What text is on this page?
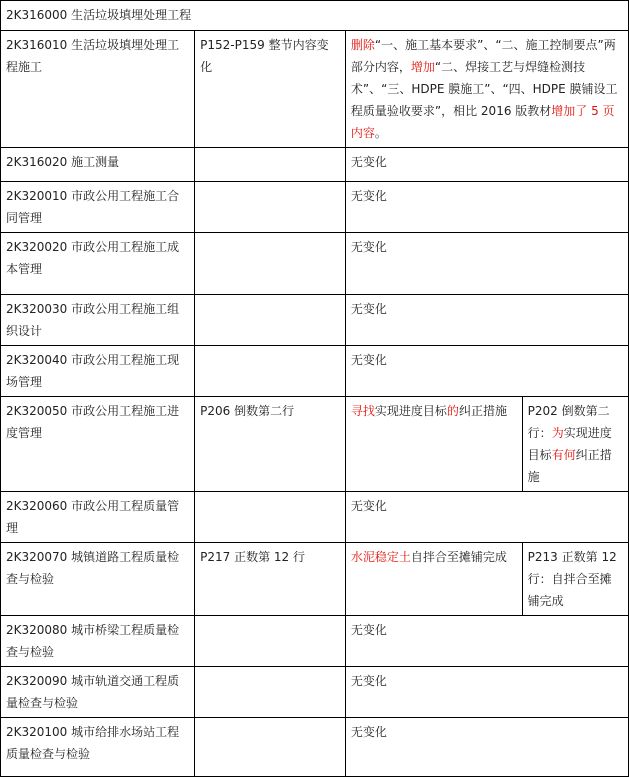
2K316000 生活垃圾填埋处理工程			
2K316010 生活垃圾填埋处理工程施工	P152-P159 整节内容变化	删除“一、施工基本要求”、“二、施工控制要点”两部分内容，增加“二、焊接工艺与焊缝检测技术”、“三、HDPE 膜施工”、“四、HDPE 膜铺设工程质量验收要求”，相比 2016 版教材增加了 5 页内容。	
2K316020 施工测量		无变化	
2K320010 市政公用工程施工合同管理		无变化	
2K320020 市政公用工程施工成本管理		无变化	
2K320030 市政公用工程施工组织设计		无变化	
2K320040 市政公用工程施工现场管理		无变化	
2K320050 市政公用工程施工进度管理	P206 倒数第二行	寻找实现进度目标的纠正措施	P202 倒数第二行：为实现进度目标有何纠正措施
2K320060 市政公用工程质量管理		无变化	
2K320070 城镇道路工程质量检查与检验	P217 正数第 12 行	水泥稳定土自拌合至摊铺完成	P213 正数第 12 行：自拌合至摊铺完成
2K320080 城市桥梁工程质量检查与检验		无变化	
2K320090 城市轨道交通工程质量检查与检验		无变化	
2K320100 城市给排水场站工程质量检查与检验		无变化	
